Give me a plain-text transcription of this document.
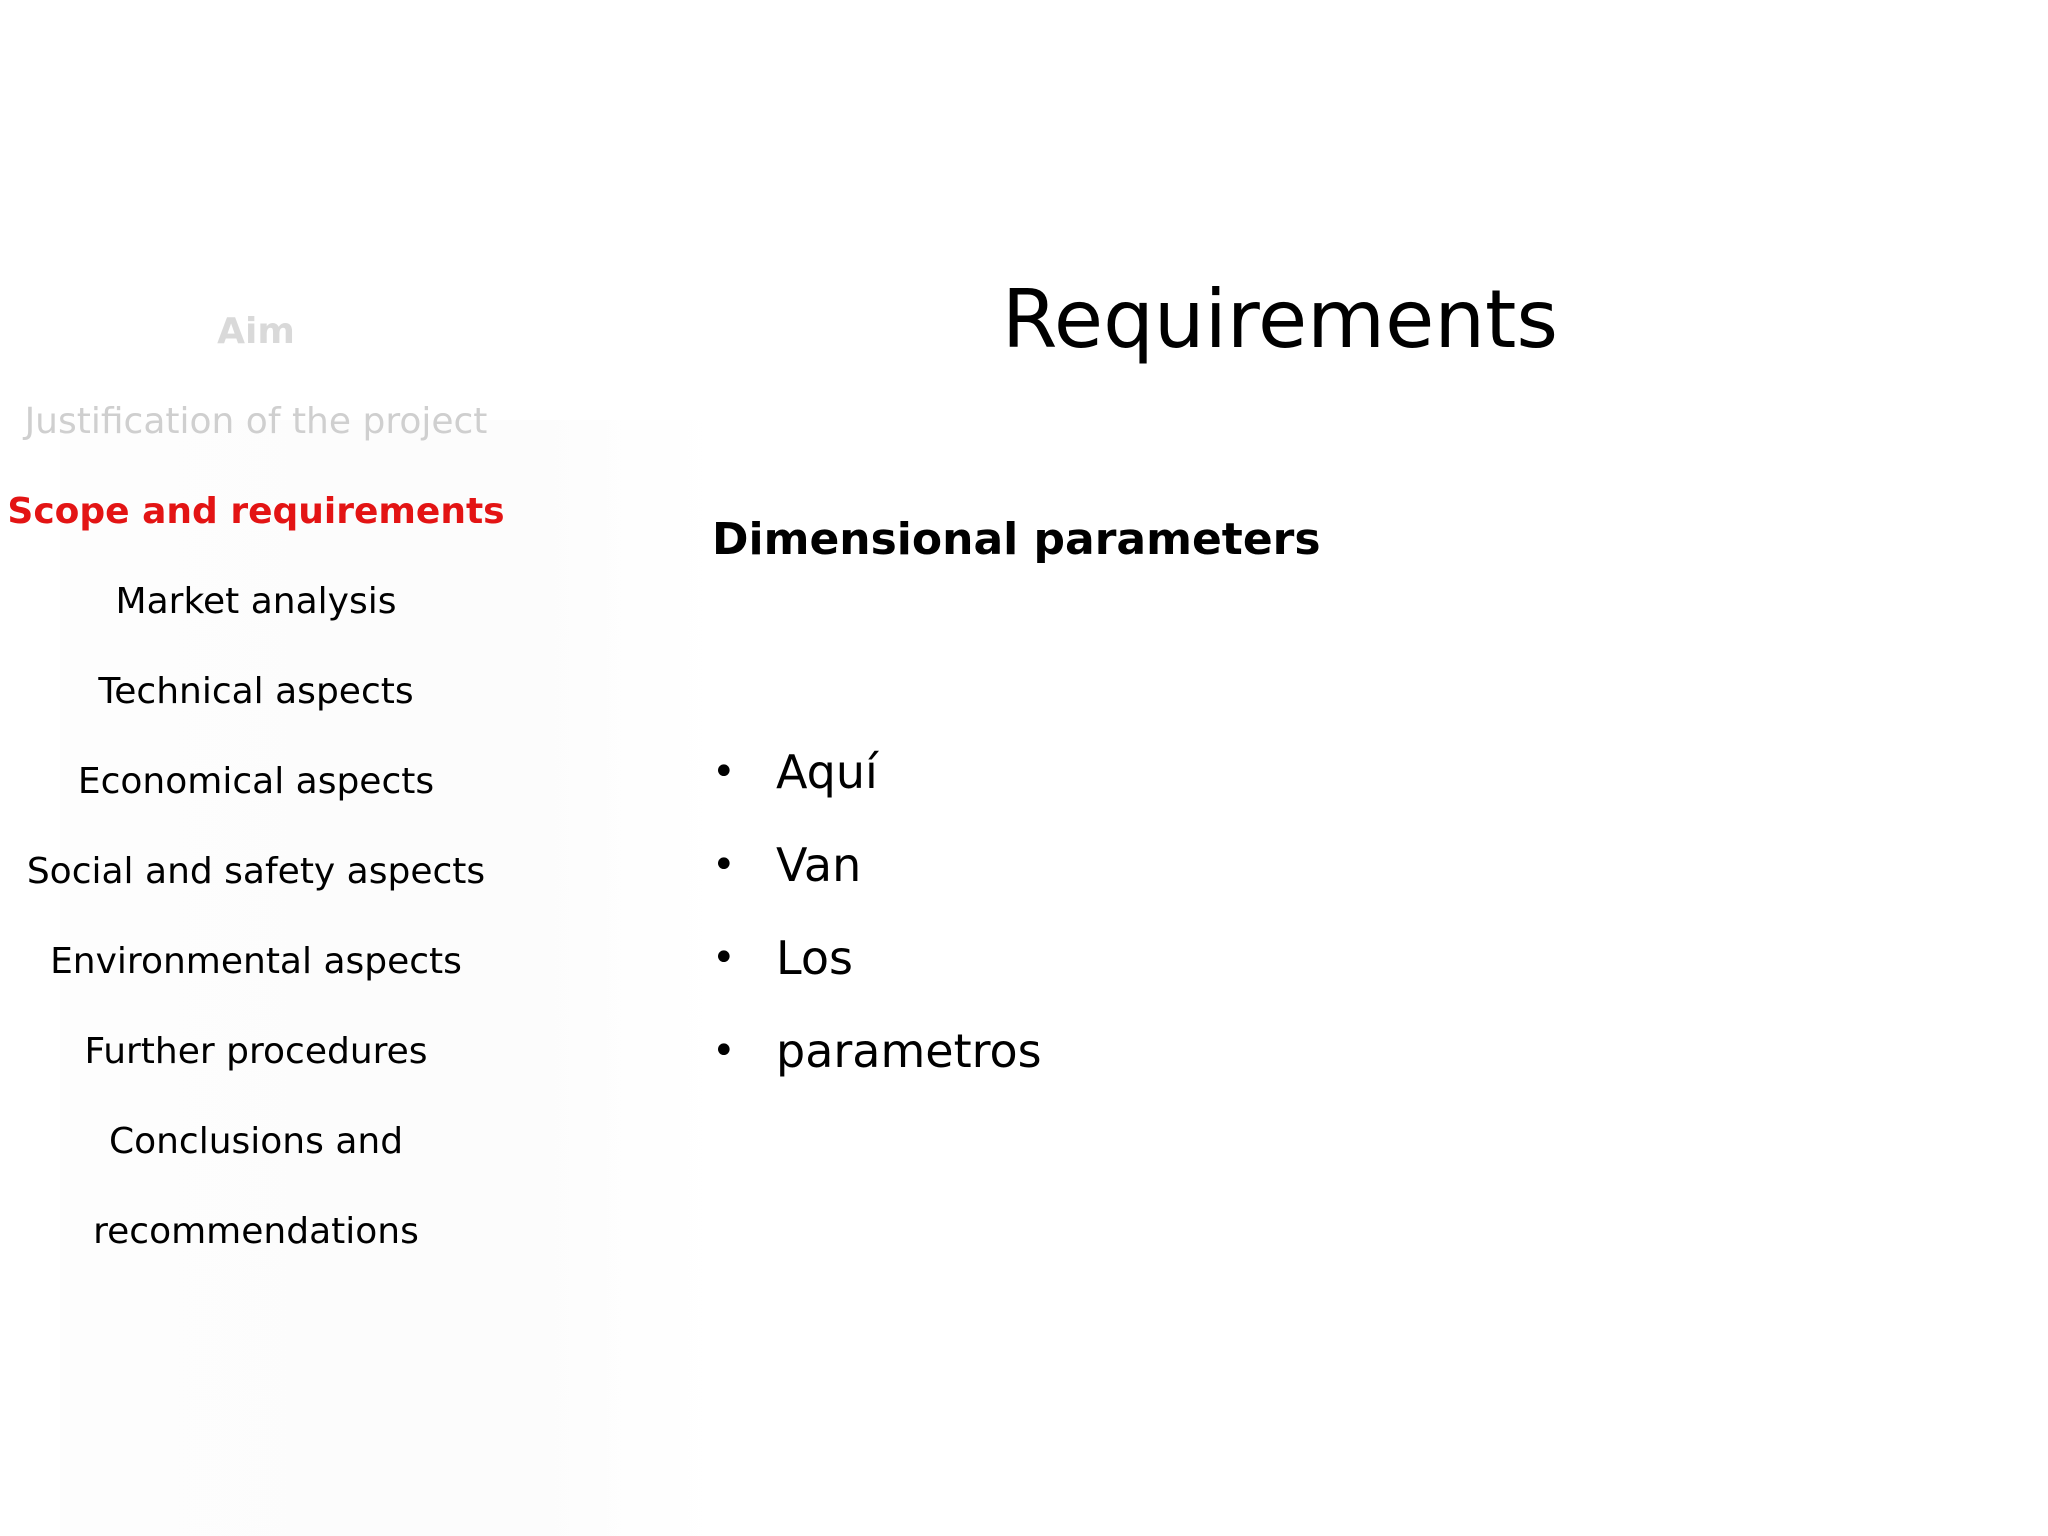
Aim
Justification of the project
Scope and requirements
Market analysis
Technical aspects
Economical aspects
Social and safety aspects
Environmental aspects
Further procedures
Conclusions and
recommendations
Requirements
Dimensional parameters
• Aquí
• Van
• Los
• parametros
